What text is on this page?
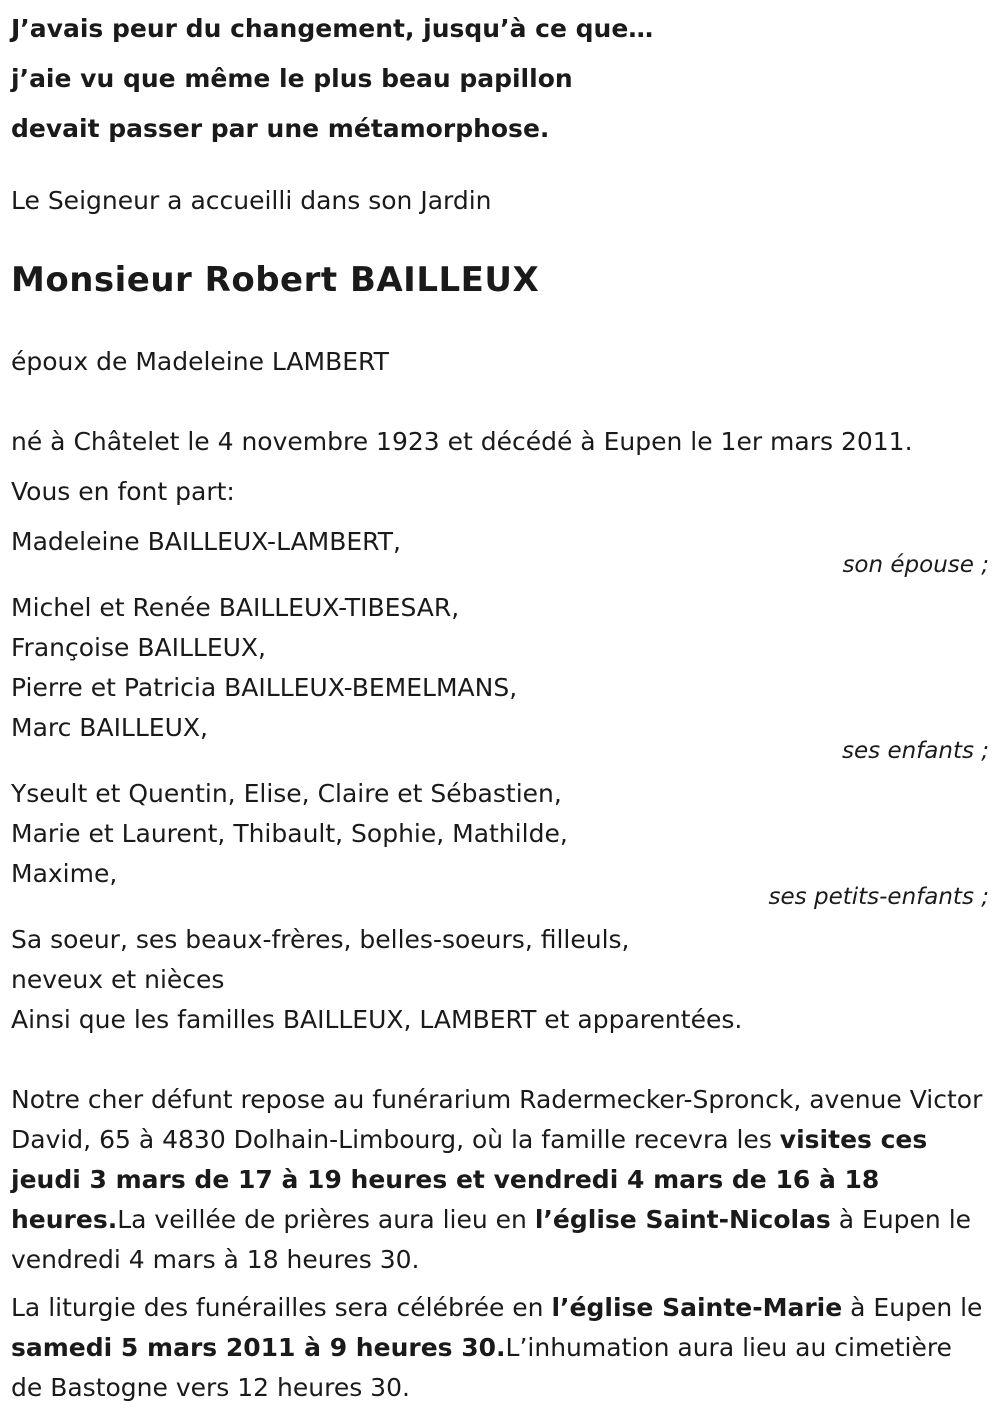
J’avais peur du changement, jusqu’à ce que…

j’aie vu que même le plus beau papillon

devait passer par une métamorphose.

Le Seigneur a accueilli dans son Jardin
Monsieur Robert BAILLEUX
époux de Madeleine LAMBERT
né à Châtelet le 4 novembre 1923 et décédé à Eupen le 1er mars 2011.
Vous en font part:
Madeleine BAILLEUX-LAMBERT,
son épouse ;
Michel et Renée BAILLEUX-TIBESAR,
Françoise BAILLEUX,
Pierre et Patricia BAILLEUX-BEMELMANS,
Marc BAILLEUX,
ses enfants ;
Yseult et Quentin, Elise, Claire et Sébastien,
Marie et Laurent, Thibault, Sophie, Mathilde,
Maxime,
ses petits-enfants ;
Sa soeur, ses beaux-frères, belles-soeurs, filleuls,
neveux et nièces
Ainsi que les familles BAILLEUX, LAMBERT et apparentées.

Notre cher défunt repose au funérarium Radermecker-Spronck, avenue Victor David, 65 à 4830 Dolhain-Limbourg, où la famille recevra les visites ces jeudi 3 mars de 17 à 19 heures et vendredi 4 mars de 16 à 18 heures.La veillée de prières aura lieu en l’église Saint-Nicolas à Eupen le vendredi 4 mars à 18 heures 30.

La liturgie des funérailles sera célébrée en l’église Sainte-Marie à Eupen le samedi 5 mars 2011 à 9 heures 30.L’inhumation aura lieu au cimetière de Bastogne vers 12 heures 30.
